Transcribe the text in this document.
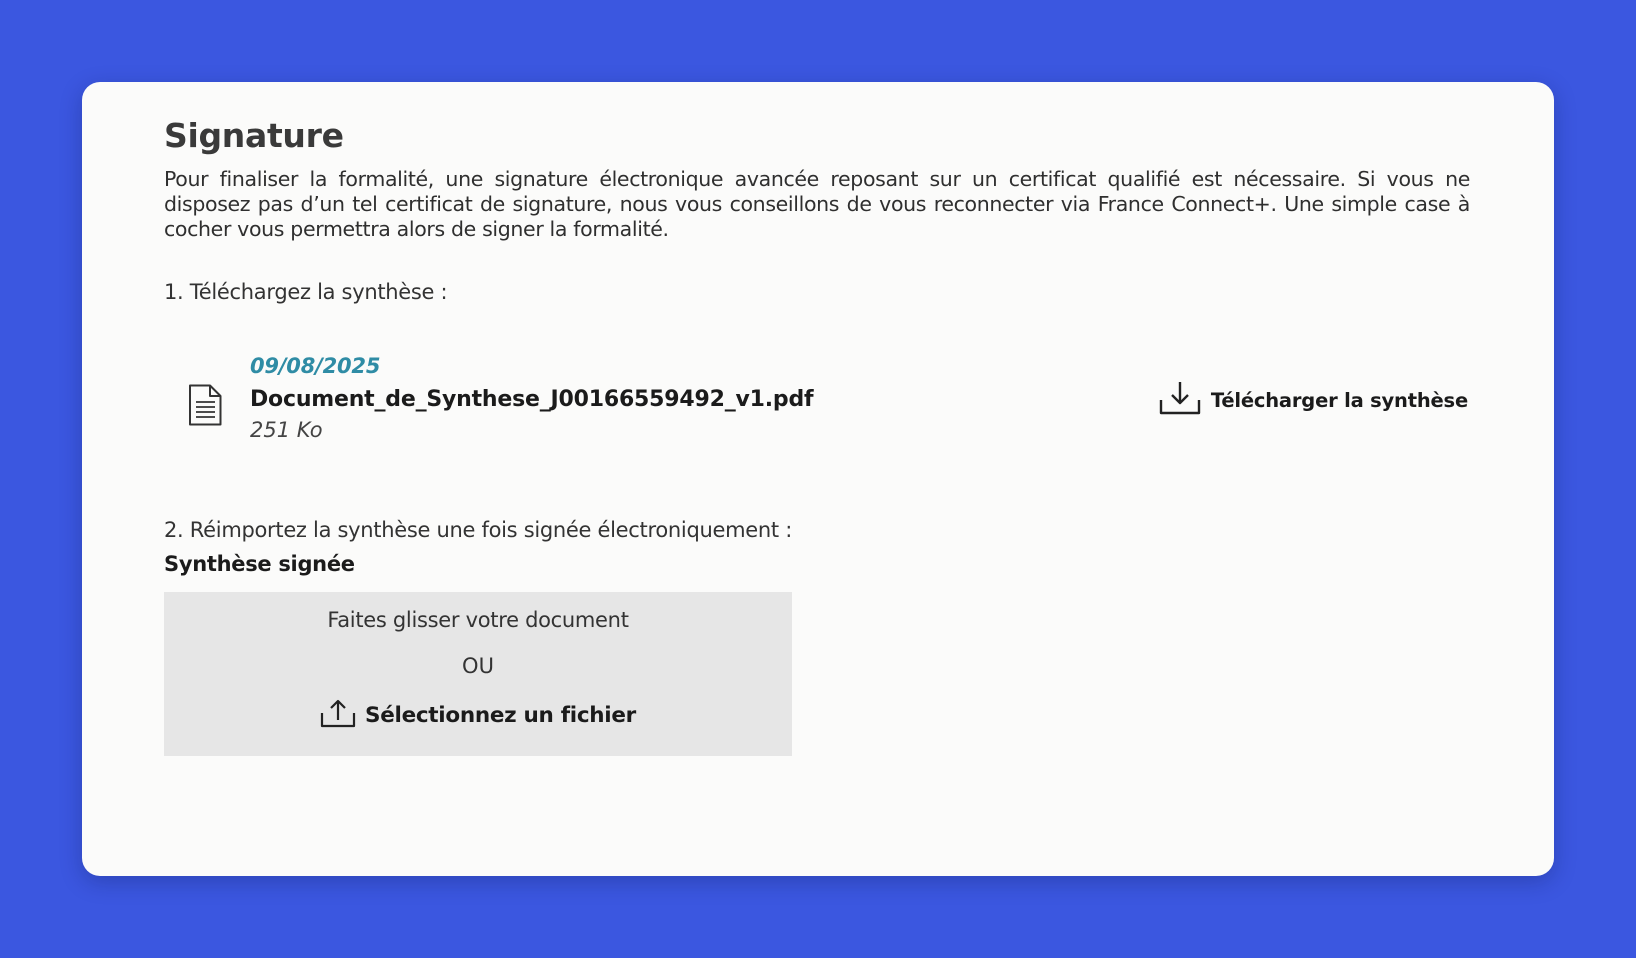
Signature

Pour finaliser la formalité, une signature électronique avancée reposant sur un certificat qualifié est nécessaire. Si vous ne disposez pas d’un tel certificat de signature, nous vous conseillons de vous reconnecter via France Connect+. Une simple case à cocher vous permettra alors de signer la formalité.

1. Téléchargez la synthèse :
09/08/2025
Document_de_Synthese_J00166559492_v1.pdf
251 Ko
Télécharger la synthèse
2. Réimportez la synthèse une fois signée électroniquement :
Synthèse signée
Faites glisser votre document
OU
Sélectionnez un fichier
